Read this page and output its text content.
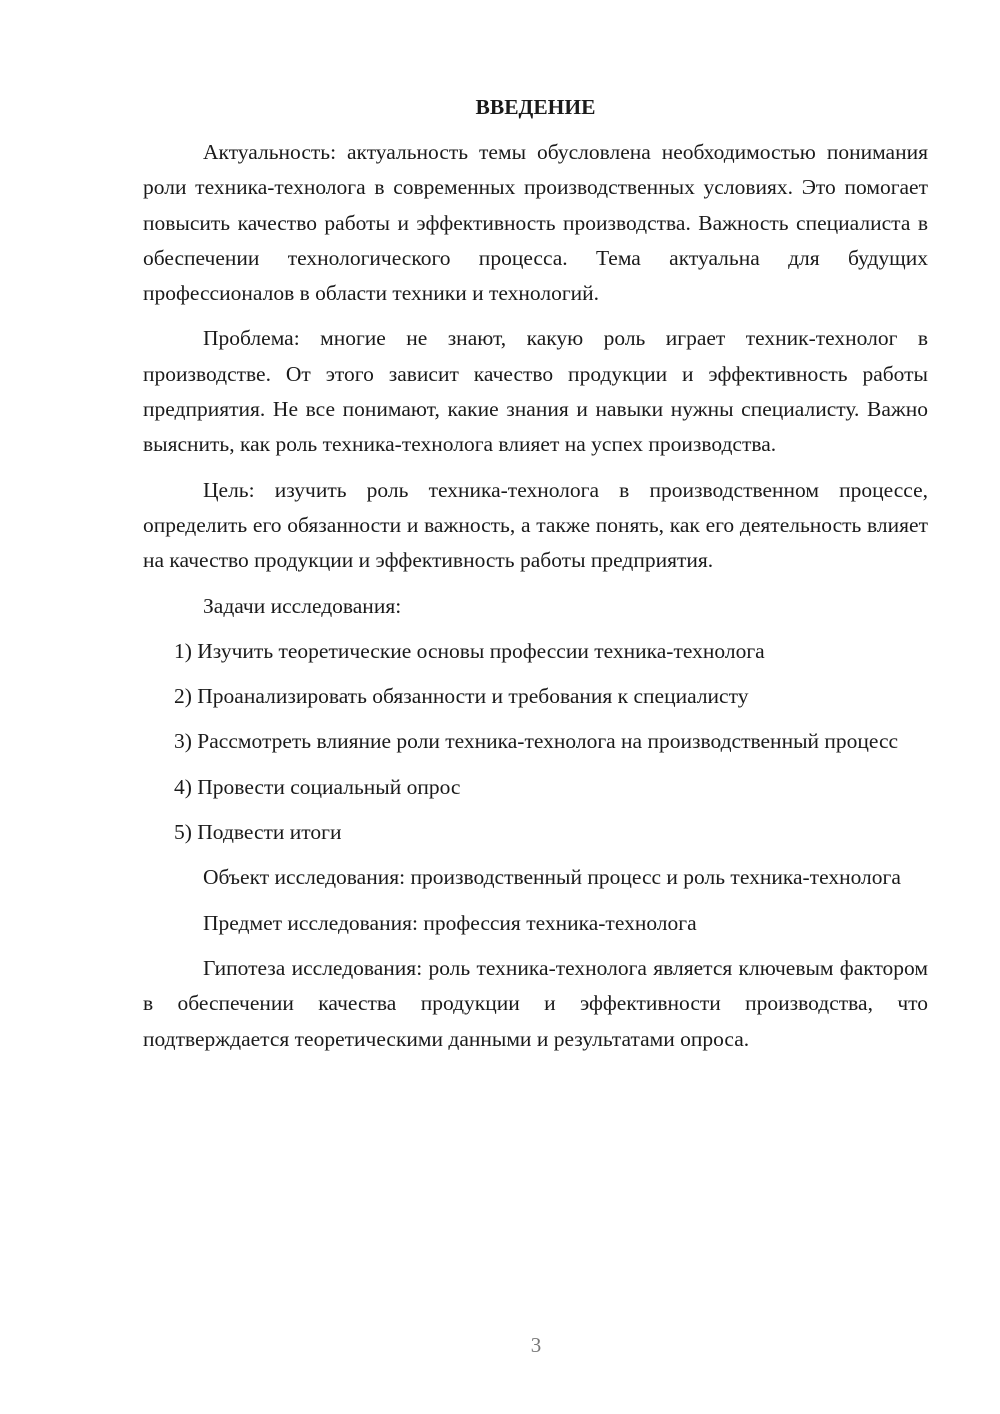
ВВЕДЕНИЕ

Актуальность: актуальность темы обусловлена необходимостью понимания роли техника-технолога в современных производственных условиях. Это помогает повысить качество работы и эффективность производства. Важность специалиста в обеспечении технологического процесса. Тема актуальна для будущих профессионалов в области техники и технологий.

Проблема: многие не знают, какую роль играет техник-технолог в производстве. От этого зависит качество продукции и эффективность работы предприятия. Не все понимают, какие знания и навыки нужны специалисту. Важно выяснить, как роль техника-технолога влияет на успех производства.

Цель: изучить роль техника-технолога в производственном процессе, определить его обязанности и важность, а также понять, как его деятельность влияет на качество продукции и эффективность работы предприятия.

Задачи исследования:

1) Изучить теоретические основы профессии техника-технолога

2) Проанализировать обязанности и требования к специалисту

3) Рассмотреть влияние роли техника-технолога на производственный процесс

4) Провести социальный опрос

5) Подвести итоги

Объект исследования: производственный процесс и роль техника-технолога

Предмет исследования: профессия техника-технолога

Гипотеза исследования: роль техника-технолога является ключевым фактором в обеспечении качества продукции и эффективности производства, что подтверждается теоретическими данными и результатами опроса.

3
